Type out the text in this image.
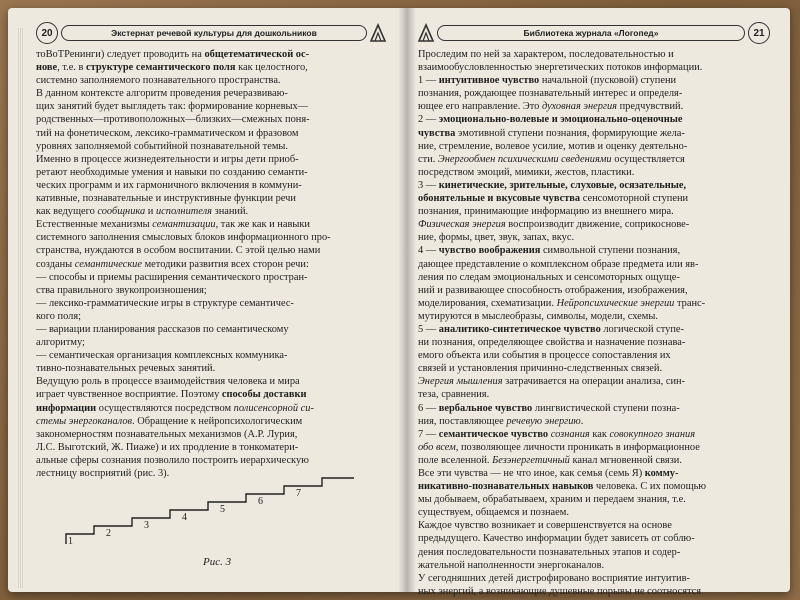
20	Экстернат речевой культуры для дошкольников

тоВоТРенинги) следует проводить на общетематической ос-

нове, т.е. в структуре семантического поля как целостного,

системно заполняемого познавательного пространства.

В данном контексте алгоритм проведения речеразвиваю-

щих занятий будет выглядеть так: формирование корневых—

родственных—противоположных—близких—смежных поня-

тий на фонетическом, лексико-грамматическом и фразовом

уровнях заполняемой событийной познавательной темы.

Именно в процессе жизнедеятельности и игры дети приоб-

ретают необходимые умения и навыки по созданию семанти-

ческих программ и их гармоничного включения в коммуни-

кативные, познавательные и инструктивные функции речи

как ведущего сообщника и исполнителя знаний.

Естественные механизмы семантизации, так же как и навыки

системного заполнения смысловых блоков информационного про-

странства, нуждаются в особом воспитании. С этой целью нами

созданы семантические методики развития всех сторон речи:

— способы и приемы расширения семантического простран-

ства правильного звукопроизношения;

— лексико-грамматические игры в структуре семантичес-

кого поля;

— вариации планирования рассказов по семантическому

алгоритму;

— семантическая организация комплексных коммуника-

тивно-познавательных речевых занятий.

Ведущую роль в процессе взаимодействия человека и мира

играет чувственное восприятие. Поэтому способы доставки

информации осуществляются посредством полисенсорной си-

стемы энергоканалов. Обращение к нейропсихологическим

закономерностям познавательных механизмов (А.Р. Лурия,

Л.С. Выготский, Ж. Пиаже) и их продление в тонкоматери-

альные сферы сознания позволило построить иерархическую

лестницу восприятий (рис. 3).

1
2
3
4
5
6
7
Рис. 3
Библиотека журнала «Логопед»	21

Проследим по ней за характером, последовательностью и

взаимообусловленностью энергетических потоков информации.

1 — интуитивное чувство начальной (пусковой) ступени

познания, рождающее познавательный интерес и определя-

ющее его направление. Это духовная энергия предчувствий.

2 — эмоционально-волевые и эмоционально-оценочные

чувства эмотивной ступени познания, формирующие жела-

ние, стремление, волевое усилие, мотив и оценку деятельно-

сти. Энергообмен психическими сведениями осуществляется

посредством эмоций, мимики, жестов, пластики.

3 — кинетические, зрительные, слуховые, осязательные,

обонятельные и вкусовые чувства сенсомоторной ступени

познания, принимающие информацию из внешнего мира.

Физическая энергия воспроизводит движение, соприкоснове-

ние, формы, цвет, звук, запах, вкус.

4 — чувство воображения символьной ступени познания,

дающее представление о комплексном образе предмета или яв-

ления по следам эмоциональных и сенсомоторных ощуще-

ний и развивающее способность отображения, изображения,

моделирования, схематизации. Нейропсихические энергии транс-

мутируются в мыслеобразы, символы, модели, схемы.

5 — аналитико-синтетическое чувство логической ступе-

ни познания, определяющее свойства и назначение познава-

емого объекта или события в процессе сопоставления их

связей и установления причинно-следственных связей.

Энергия мышления затрачивается на операции анализа, син-

теза, сравнения.

6 — вербальное чувство лингвистической ступени позна-

ния, поставляющее речевую энергию.

7 — семантическое чувство сознания как совокупного знания

обо всем, позволяющее личности проникать в информационное

поле вселенной. Безэнергетичный канал мгновенной связи.

Все эти чувства — не что иное, как семья (семь Я) комму-

никативно-познавательных навыков человека. С их помощью

мы добываем, обрабатываем, храним и передаем знания, т.е.

существуем, общаемся и познаем.

Каждое чувство возникает и совершенствуется на основе

предыдущего. Качество информации будет зависеть от соблю-

дения последовательности познавательных этапов и содер-

жательной наполненности энергоканалов.

У сегодняшних детей дистрофировано восприятие интуитив-

ных энергий, а возникающие душевные порывы не соотносятся
